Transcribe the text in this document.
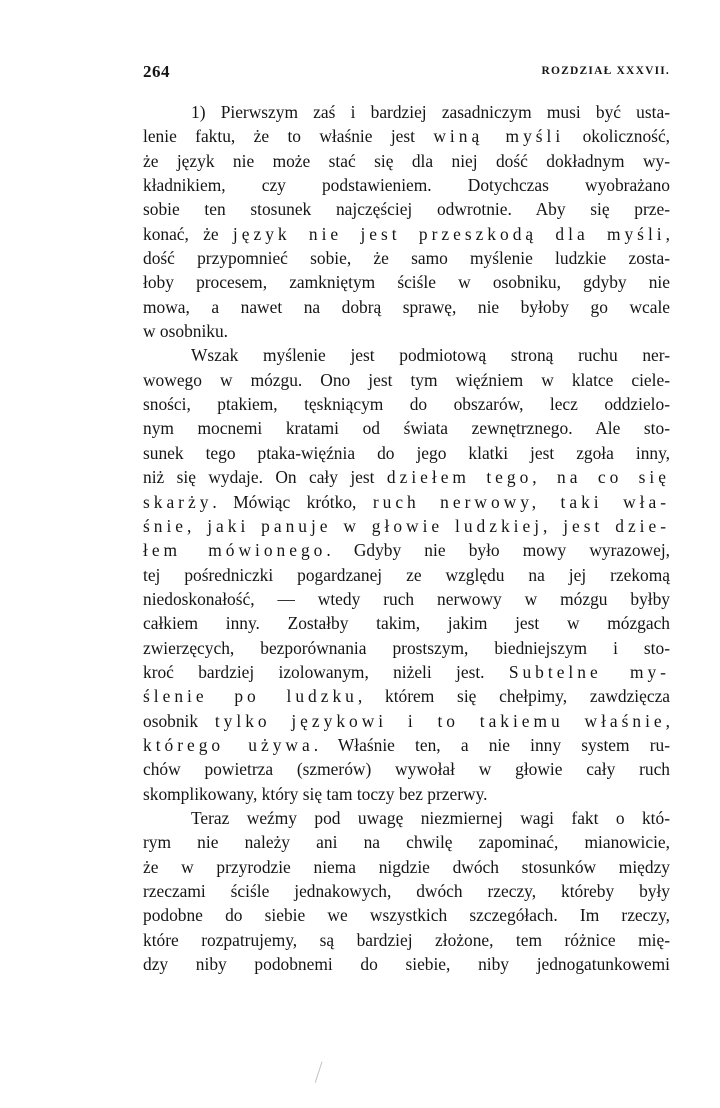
264	ROZDZIAŁ XXXVII.
1) Pierwszym zaś i bardziej zasadniczym musi być usta-
lenie faktu, że to właśnie jest winą myśli okoliczność,
że język nie może stać się dla niej dość dokładnym wy-
kładnikiem, czy podstawieniem. Dotychczas wyobrażano
sobie ten stosunek najczęściej odwrotnie. Aby się prze-
konać, że język nie jest przeszkodą dla myśli,
dość przypomnieć sobie, że samo myślenie ludzkie zosta-
łoby procesem, zamkniętym ściśle w osobniku, gdyby nie
mowa, a nawet na dobrą sprawę, nie byłoby go wcale
w osobniku.
Wszak myślenie jest podmiotową stroną ruchu ner-
wowego w mózgu. Ono jest tym więźniem w klatce ciele-
sności, ptakiem, tęskniącym do obszarów, lecz oddzielo-
nym mocnemi kratami od świata zewnętrznego. Ale sto-
sunek tego ptaka-więźnia do jego klatki jest zgoła inny,
niż się wydaje. On cały jest dziełem tego, na co się
skarży. Mówiąc krótko, ruch nerwowy, taki wła-
śnie, jaki panuje w głowie ludzkiej, jest dzie-
łem mówionego. Gdyby nie było mowy wyrazowej,
tej pośredniczki pogardzanej ze względu na jej rzekomą
niedoskonałość, — wtedy ruch nerwowy w mózgu byłby
całkiem inny. Zostałby takim, jakim jest w mózgach
zwierzęcych, bezporównania prostszym, biedniejszym i sto-
kroć bardziej izolowanym, niżeli jest. Subtelne my-
ślenie po ludzku, którem się chełpimy, zawdzięcza
osobnik tylko językowi i to takiemu właśnie,
którego używa. Właśnie ten, a nie inny system ru-
chów powietrza (szmerów) wywołał w głowie cały ruch
skomplikowany, który się tam toczy bez przerwy.
Teraz weźmy pod uwagę niezmiernej wagi fakt o któ-
rym nie należy ani na chwilę zapominać, mianowicie,
że w przyrodzie niema nigdzie dwóch stosunków między
rzeczami ściśle jednakowych, dwóch rzeczy, któreby były
podobne do siebie we wszystkich szczegółach. Im rzeczy,
które rozpatrujemy, są bardziej złożone, tem różnice mię-
dzy niby podobnemi do siebie, niby jednogatunkowemi
